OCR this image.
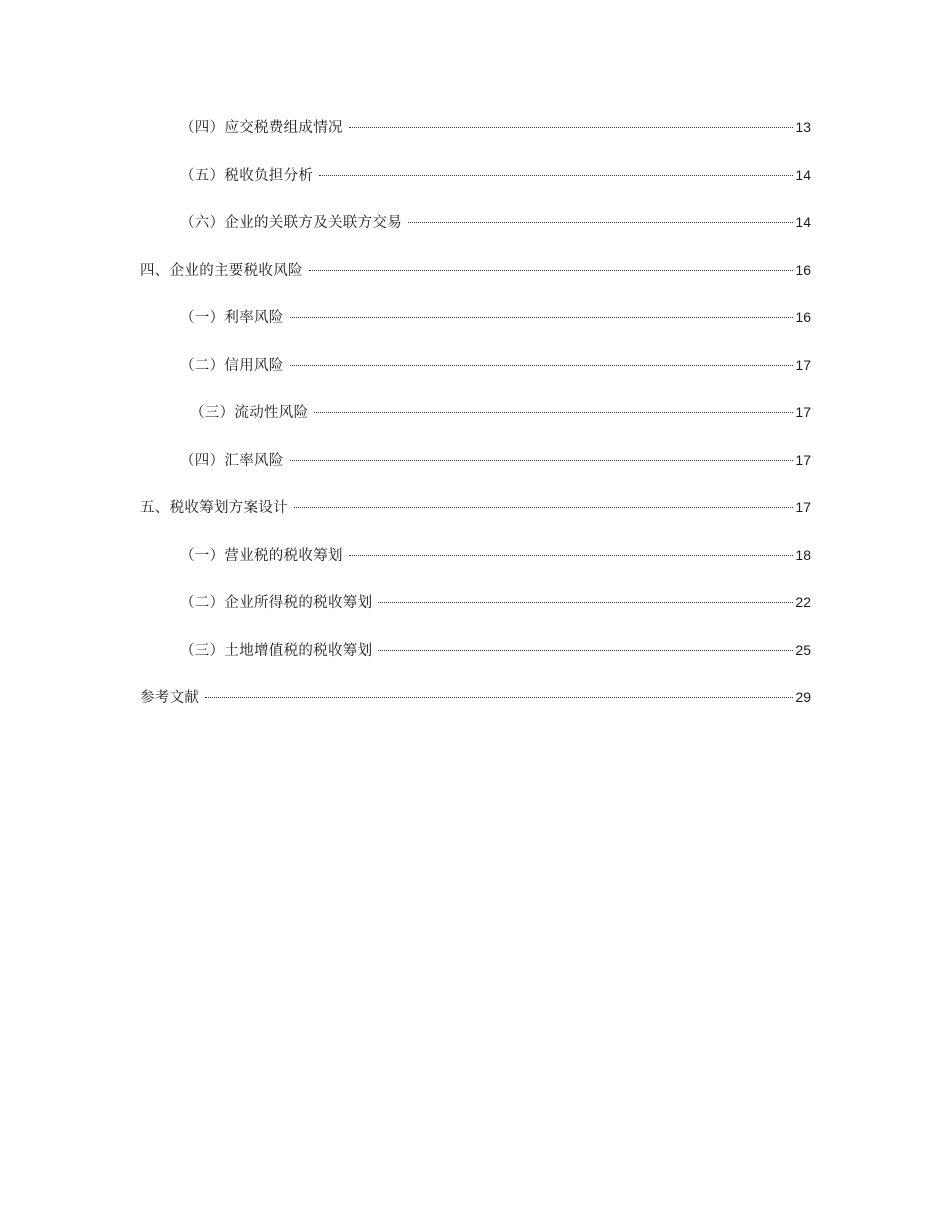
（四）应交税费组成情况	13
（五）税收负担分析	14
（六）企业的关联方及关联方交易	14
四、企业的主要税收风险	16
（一）利率风险	16
（二）信用风险	17
（三）流动性风险	17
（四）汇率风险	17
五、税收筹划方案设计	17
（一）营业税的税收筹划	18
（二）企业所得税的税收筹划	22
（三）土地增值税的税收筹划	25
参考文献	29
